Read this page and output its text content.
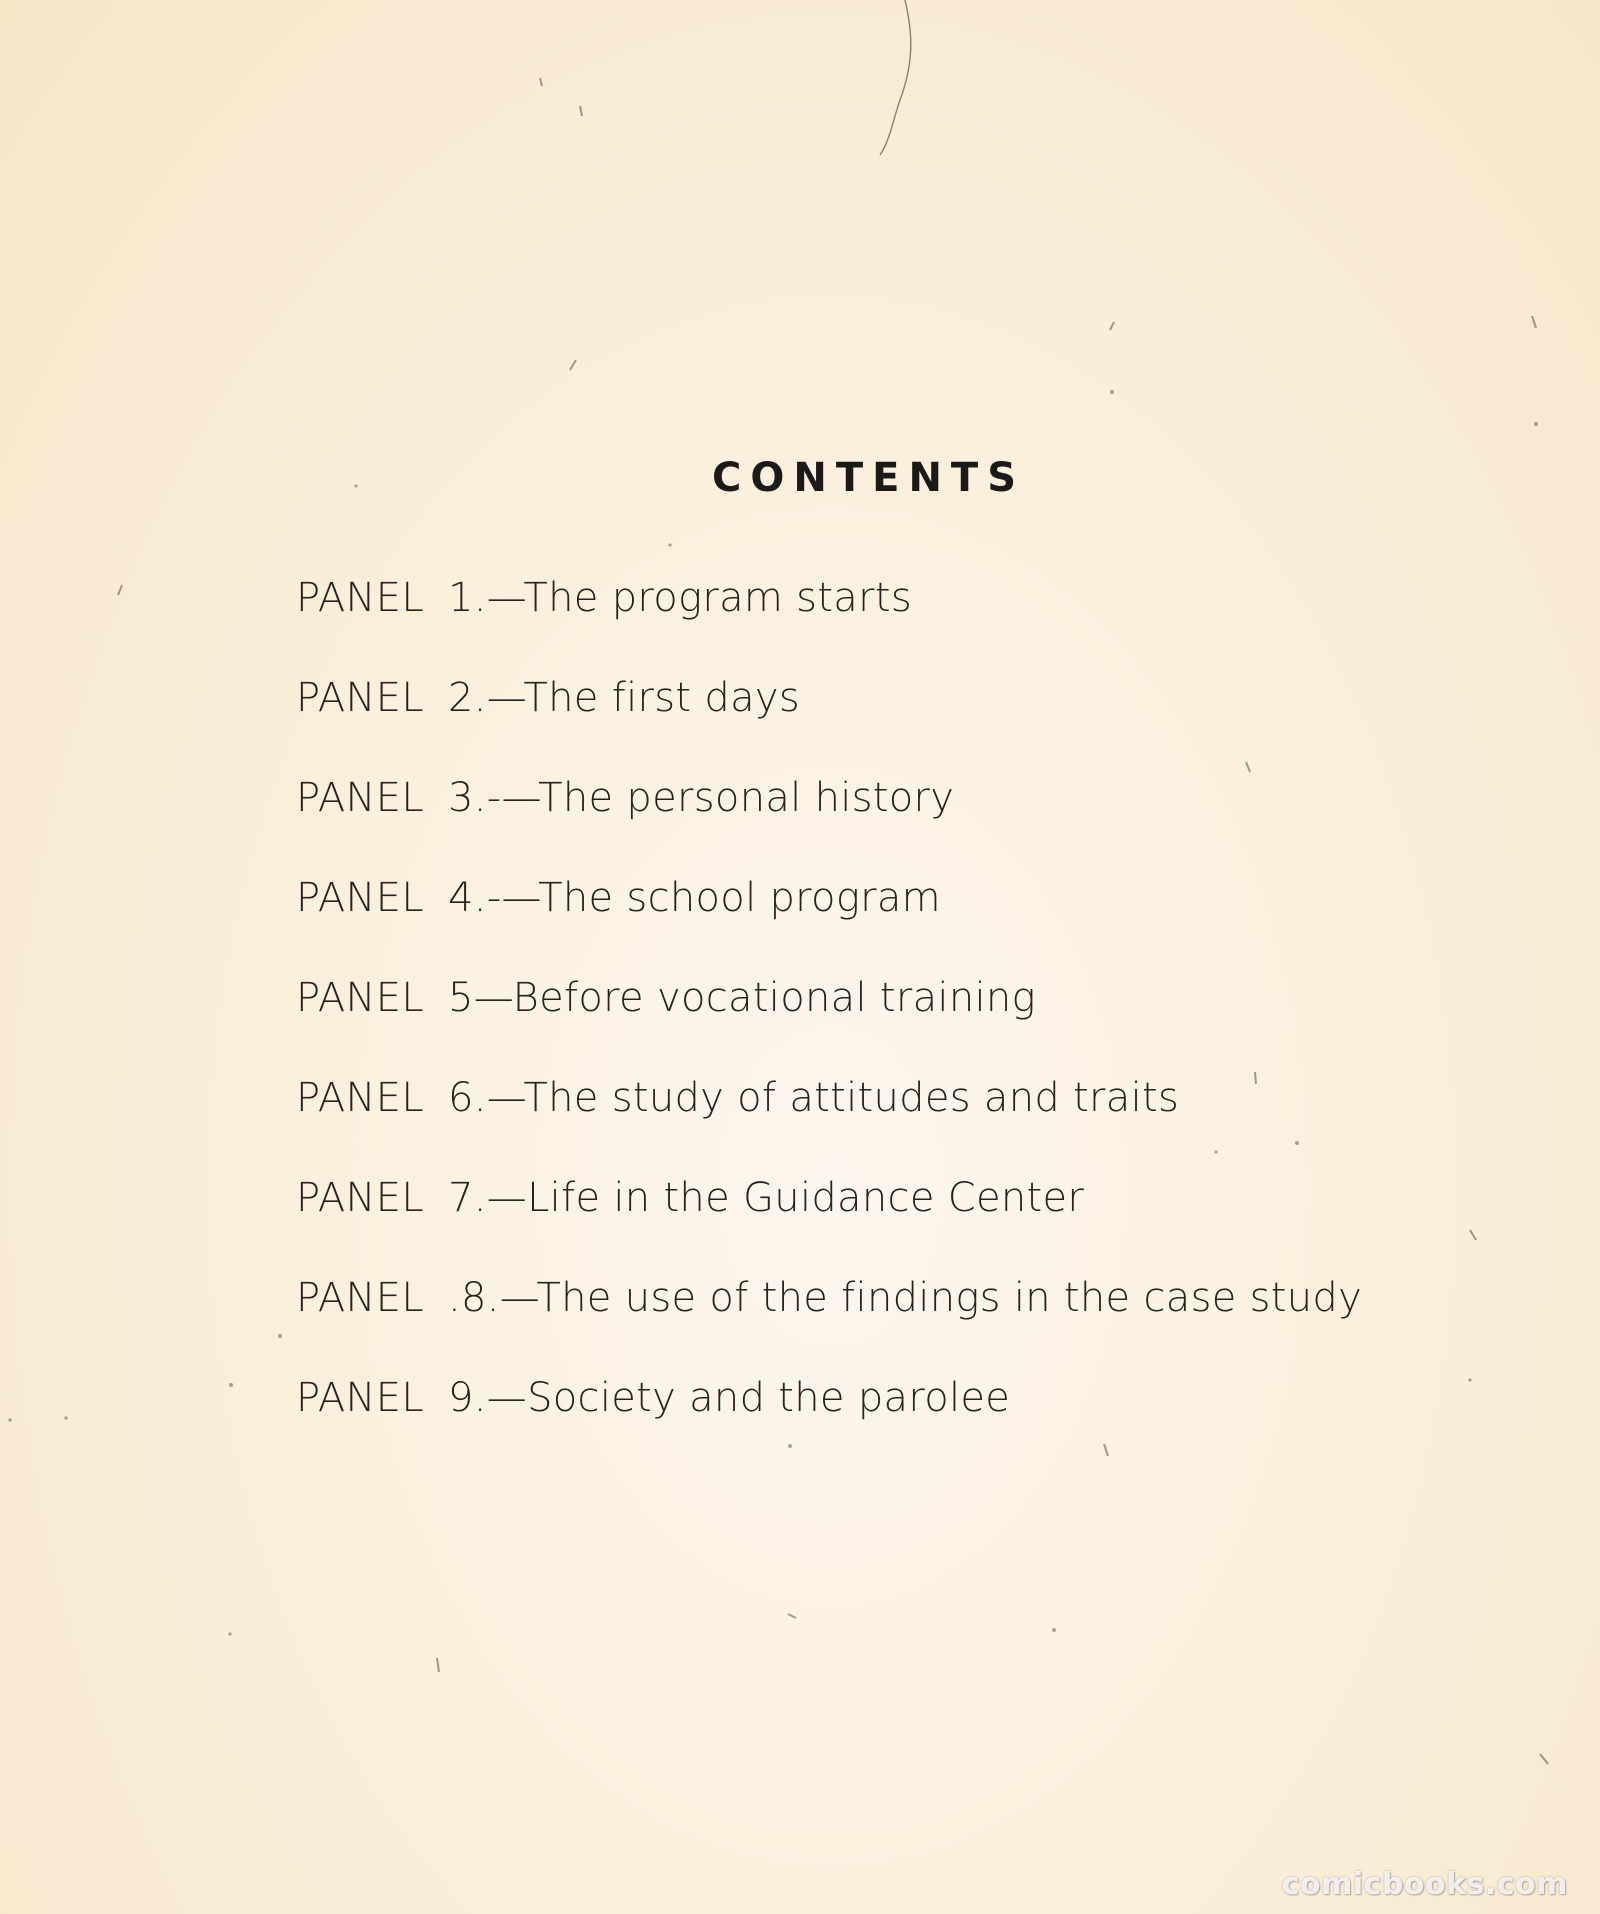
CONTENTS
PANEL 1. —The program starts
PANEL 2. —The first days
PANEL 3. -—The personal history
PANEL 4. -—The school program
PANEL 5 —Before vocational training
PANEL 6. —The study of attitudes and traits
PANEL 7. —Life in the Guidance Center
PANEL .8. —The use of the findings in the case study
PANEL 9. —Society and the parolee
comicbooks.com
